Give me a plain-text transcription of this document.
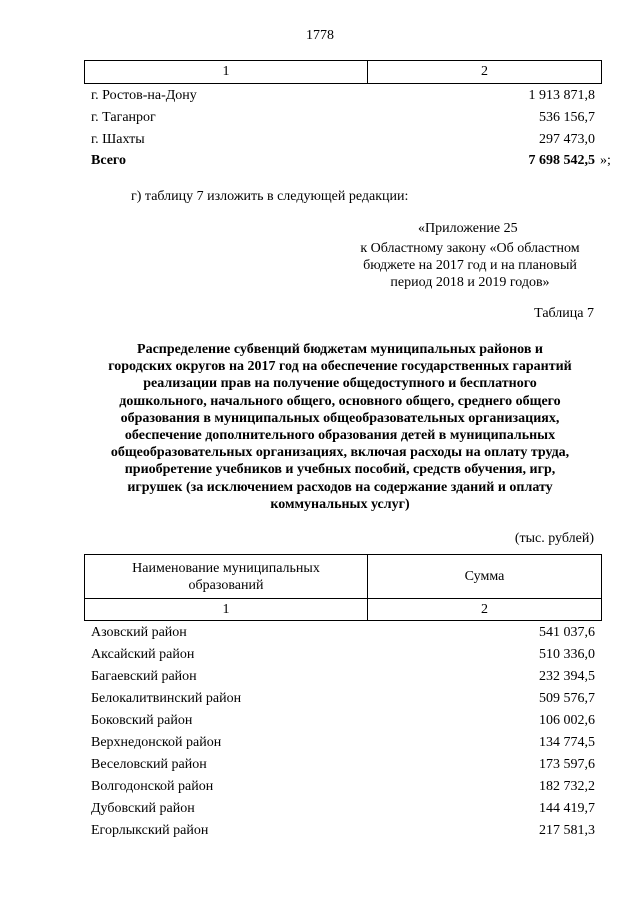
1778
1	2
г. Ростов-на-Дону	1 913 871,8
г. Таганрог	536 156,7
г. Шахты	297 473,0
Всего	7 698 542,5 »;
г) таблицу 7 изложить в следующей редакции:
«Приложение 25
к Областному закону «Об областном
бюджете на 2017 год и на плановый
период 2018 и 2019 годов»
Таблица 7
Распределение субвенций бюджетам муниципальных районов и
городских округов на 2017 год на обеспечение государственных гарантий
реализации прав на получение общедоступного и бесплатного
дошкольного, начального общего, основного общего, среднего общего
образования в муниципальных общеобразовательных организациях,
обеспечение дополнительного образования детей в муниципальных
общеобразовательных организациях, включая расходы на оплату труда,
приобретение учебников и учебных пособий, средств обучения, игр,
игрушек (за исключением расходов на содержание зданий и оплату
коммунальных услуг)
(тыс. рублей)
Наименование муниципальных
образований
Сумма
1	2
Азовский район	541 037,6
Аксайский район	510 336,0
Багаевский район	232 394,5
Белокалитвинский район	509 576,7
Боковский район	106 002,6
Верхнедонской район	134 774,5
Веселовский район	173 597,6
Волгодонской район	182 732,2
Дубовский район	144 419,7
Егорлыкский район	217 581,3
